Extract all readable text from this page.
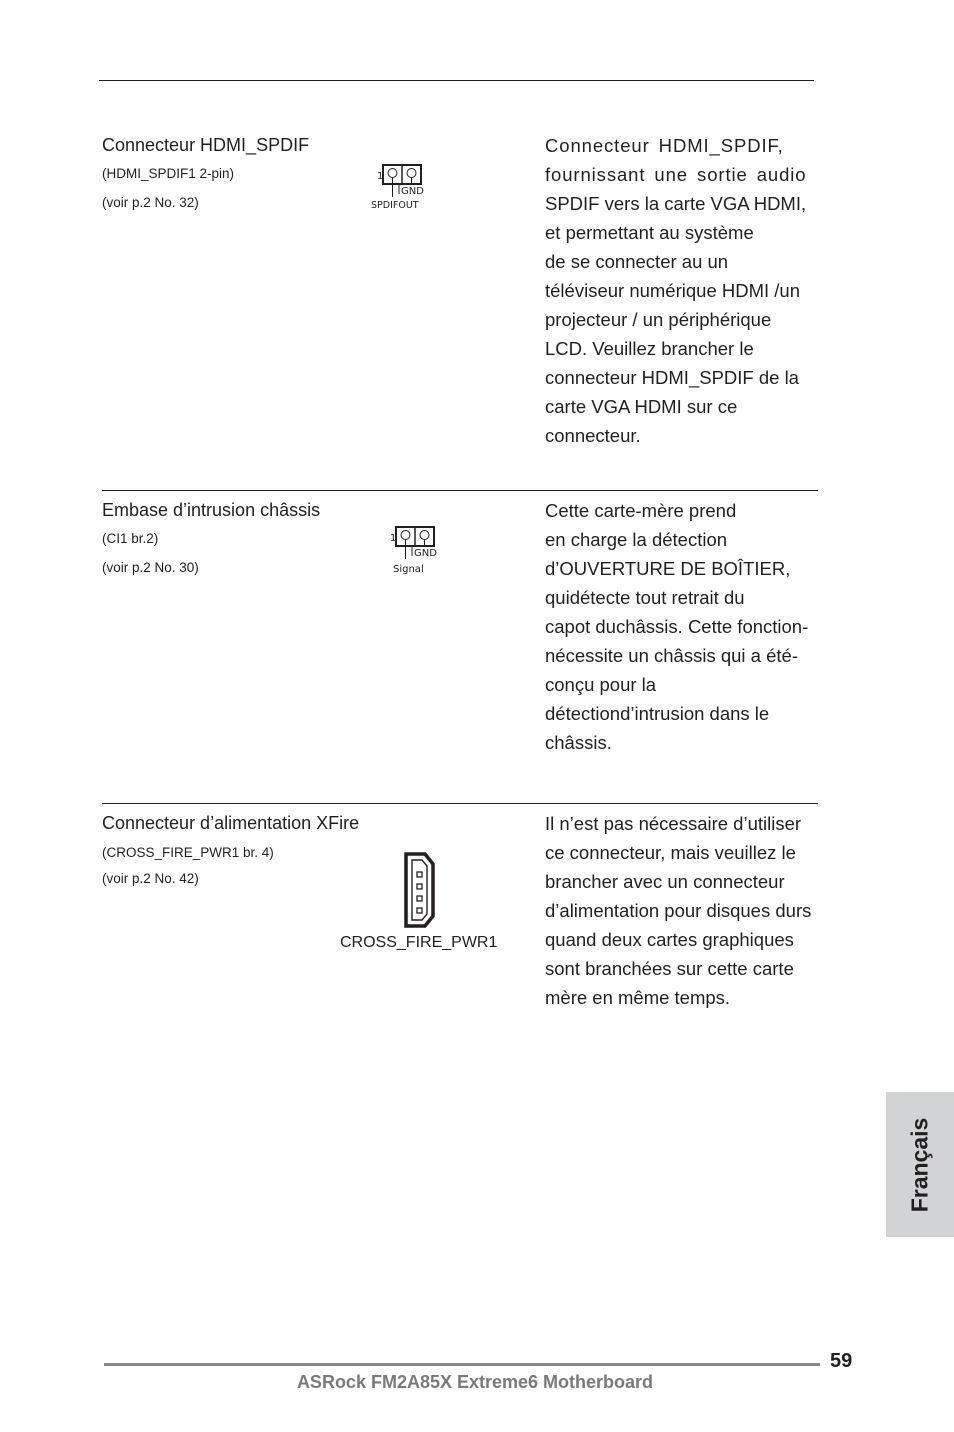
Connecteur HDMI_SPDIF
(HDMI_SPDIF1 2-pin)
(voir p.2 No. 32)
1
GND
SPDIFOUT
Connecteur HDMI_SPDIF,
fournissant une sortie audio
SPDIF vers la carte VGA HDMI,
et permettant au système
de se connecter au un
téléviseur numérique HDMI /un
projecteur / un périphérique
LCD. Veuillez brancher le
connecteur HDMI_SPDIF de la
carte VGA HDMI sur ce
connecteur.
Embase d’intrusion châssis
(CI1 br.2)
(voir p.2 No. 30)
1
GND
Signal
Cette carte-mère prend
en charge la détection
d’OUVERTURE DE BOÎTIER,
quidétecte tout retrait du
capot duchâssis. Cette fonction-
nécessite un châssis qui a été-
conçu pour la
détectiond’intrusion dans le
châssis.
Connecteur d’alimentation XFire
(CROSS_FIRE_PWR1 br. 4)
(voir p.2 No. 42)
CROSS_FIRE_PWR1
Il n’est pas nécessaire d’utiliser
ce connecteur, mais veuillez le
brancher avec un connecteur
d’alimentation pour disques durs
quand deux cartes graphiques
sont branchées sur cette carte
mère en même temps.
Français
59
ASRock FM2A85X Extreme6 Motherboard
